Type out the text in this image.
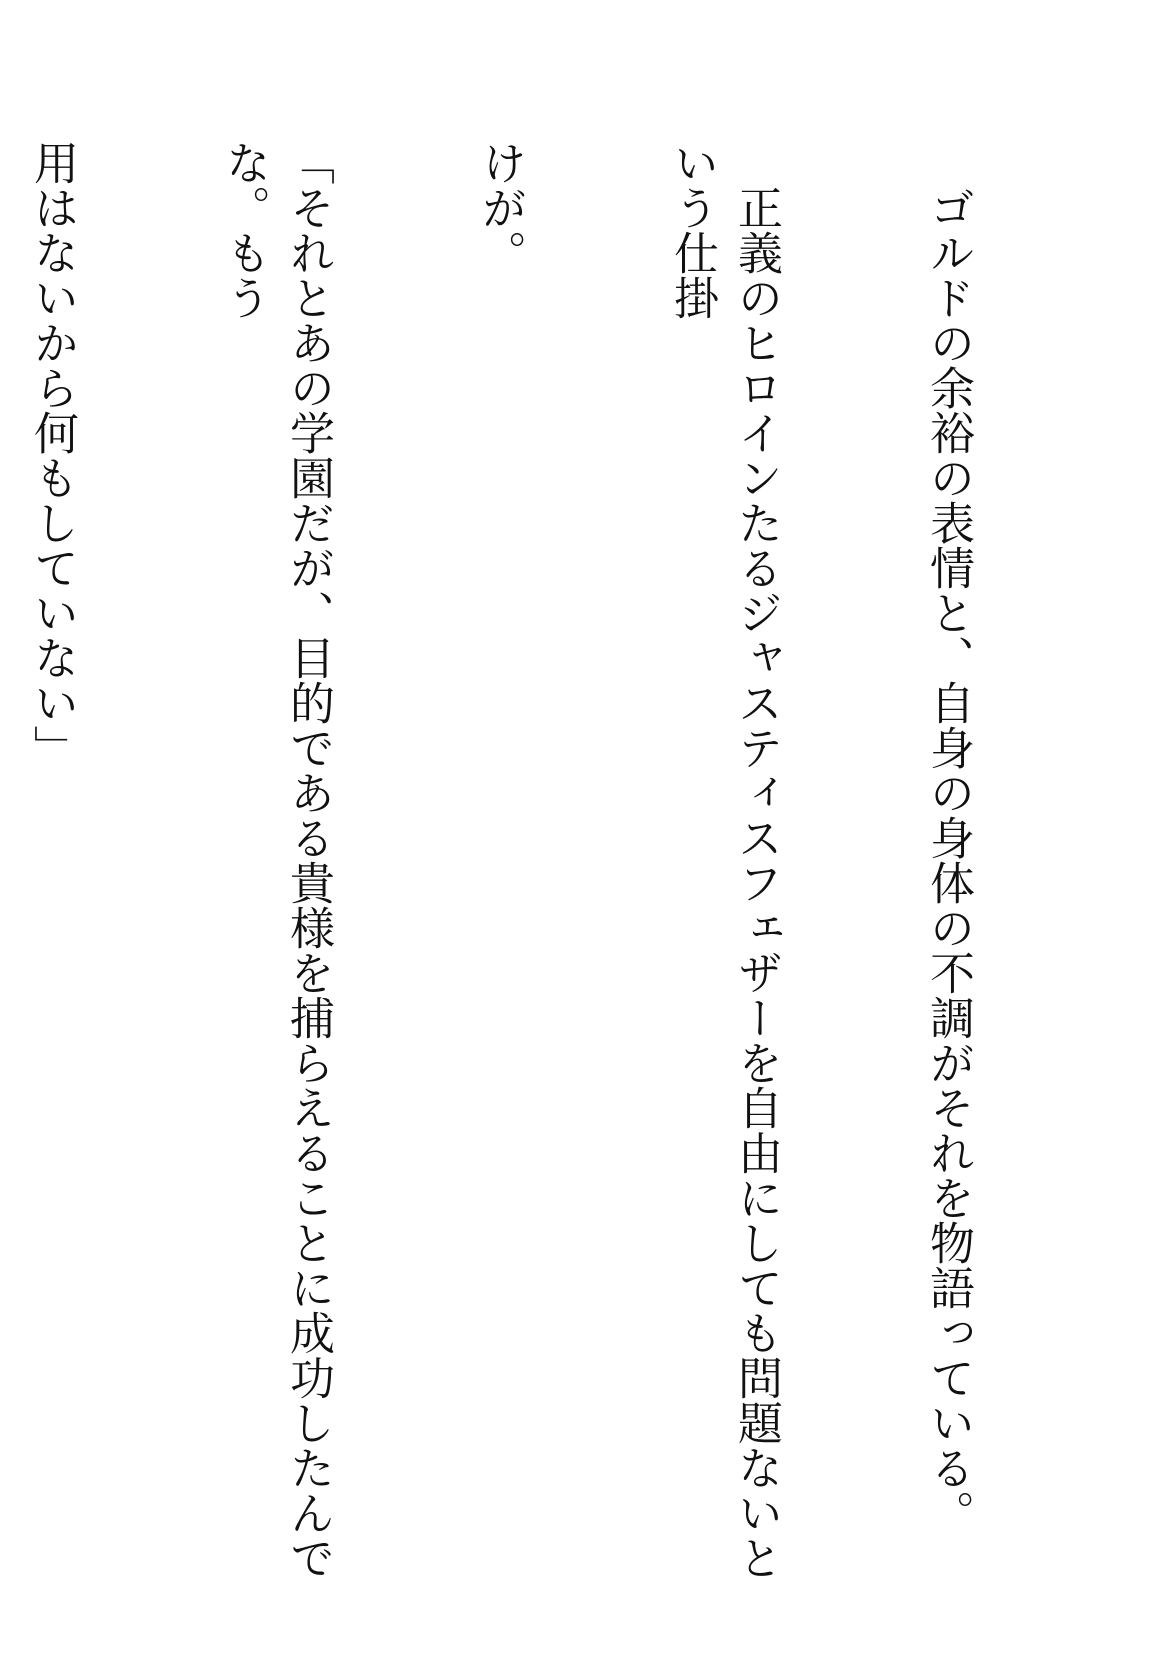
　ゴルドの余裕の表情と、自身の身体の不調がそれを物語っている。

　正義のヒロインたるジャスティスフェザーを自由にしても問題ないという仕掛

けが。

「それとあの学園だが、目的である貴様を捕らえることに成功したんでな。もう

用はないから何もしていない」
